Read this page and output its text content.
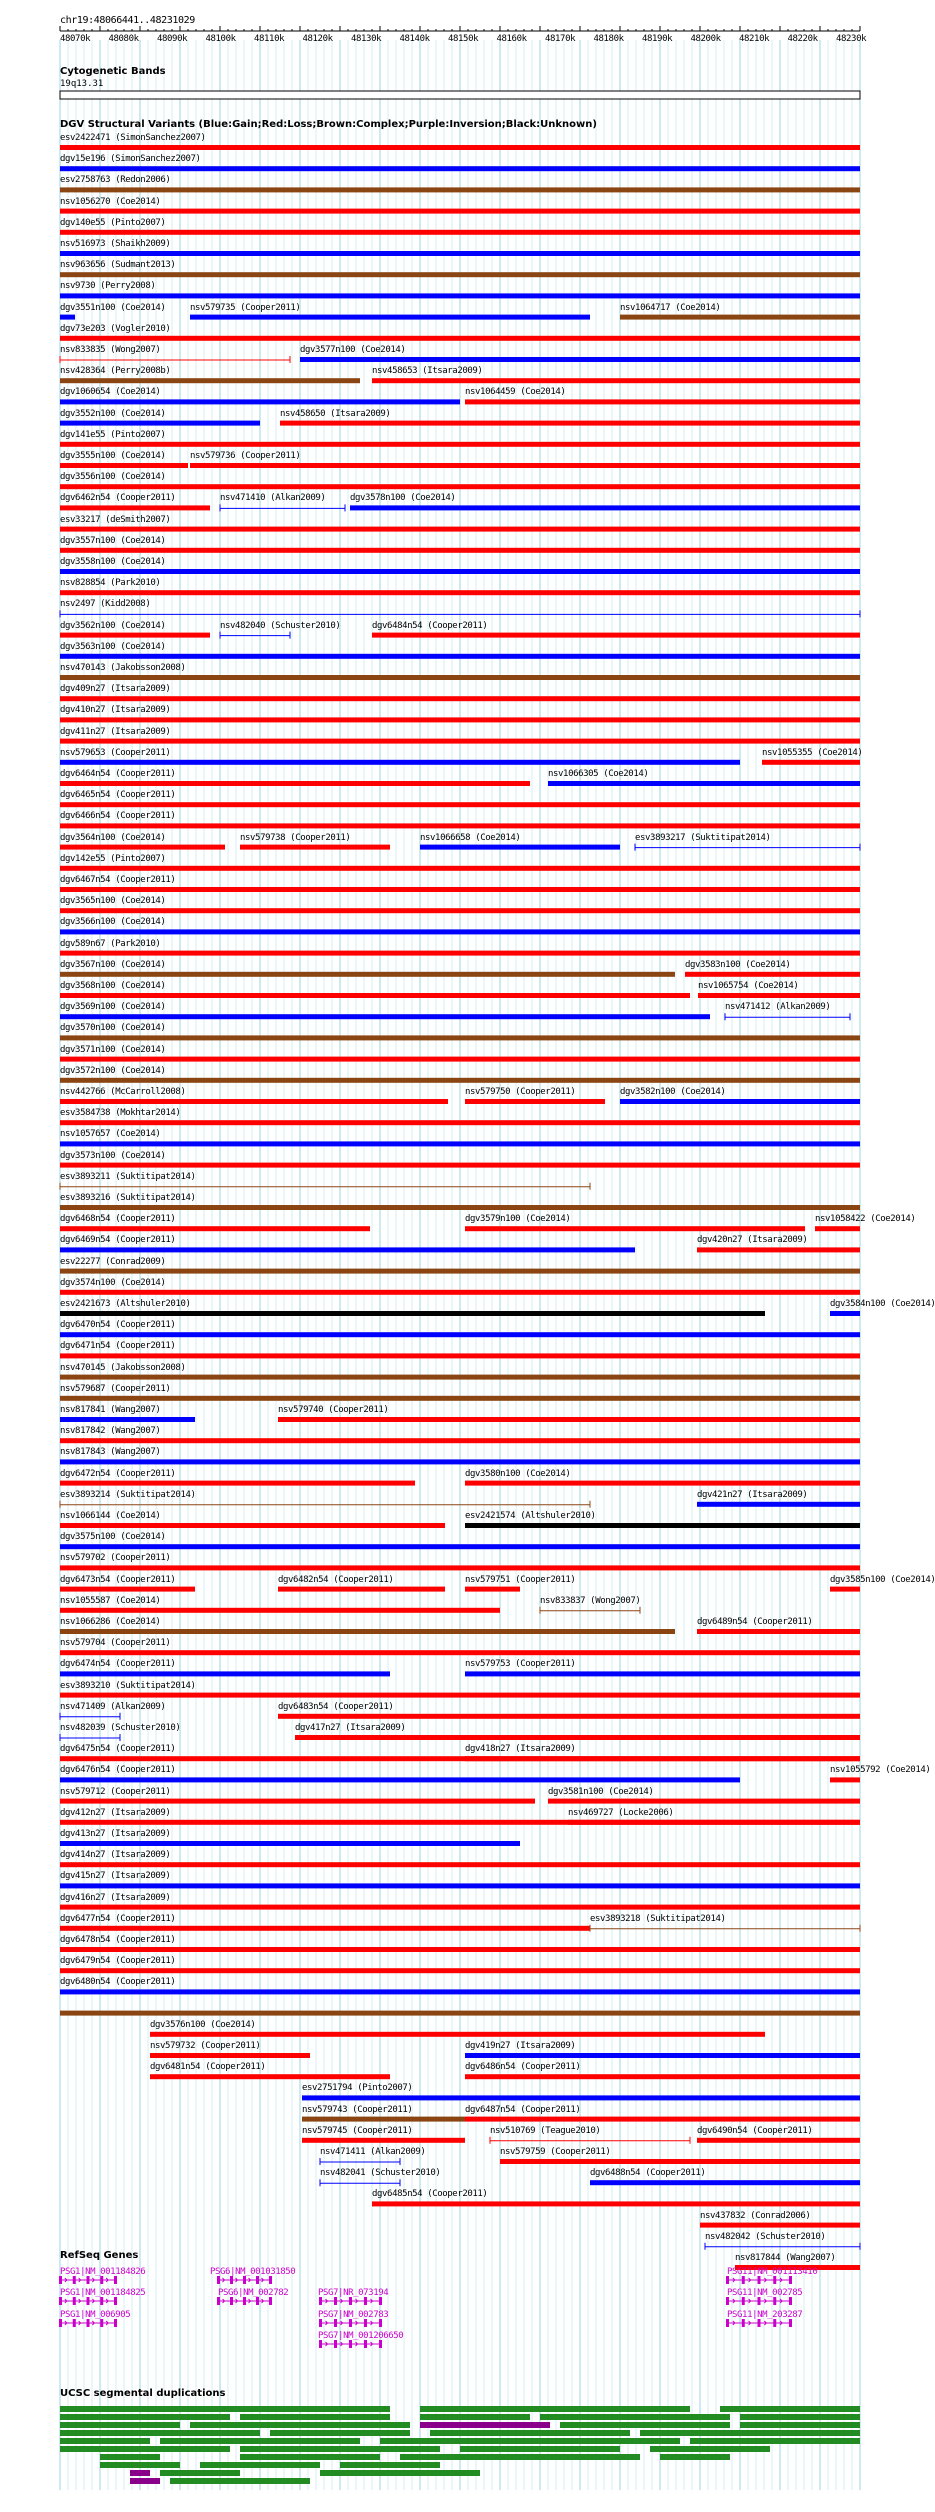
48070k 48080k 48090k 48100k 48110k 48120k 48130k 48140k 48150k 48160k 48170k 48180k 48190k 48200k 48210k 48220k 48230k
esv2422471 (SimonSanchez2007)
dgv15e196 (SimonSanchez2007)
esv2758763 (Redon2006)
nsv1056270 (Coe2014)
dgv140e55 (Pinto2007)
nsv516973 (Shaikh2009)
nsv963656 (Sudmant2013)
nsv9730 (Perry2008)
dgv3551n100 (Coe2014)	nsv579735 (Cooper2011)	nsv1064717 (Coe2014)
dgv73e203 (Vogler2010)
nsv833835 (Wong2007)	dgv3577n100 (Coe2014)
nsv428364 (Perry2008b)	nsv458653 (Itsara2009)
dgv1060654 (Coe2014)	nsv1064459 (Coe2014)
dgv3552n100 (Coe2014)	nsv458650 (Itsara2009)
dgv141e55 (Pinto2007)
dgv3555n100 (Coe2014)	nsv579736 (Cooper2011)
dgv3556n100 (Coe2014)
dgv6462n54 (Cooper2011)	nsv471410 (Alkan2009)	dgv3578n100 (Coe2014)
esv33217 (deSmith2007)
dgv3557n100 (Coe2014)
dgv3558n100 (Coe2014)
nsv828854 (Park2010)
nsv2497 (Kidd2008)
dgv3562n100 (Coe2014)	nsv482040 (Schuster2010)	dgv6484n54 (Cooper2011)
dgv3563n100 (Coe2014)
nsv470143 (Jakobsson2008)
dgv409n27 (Itsara2009)
dgv410n27 (Itsara2009)
dgv411n27 (Itsara2009)
nsv579653 (Cooper2011)	nsv1055355 (Coe2014)
dgv6464n54 (Cooper2011)	nsv1066305 (Coe2014)
dgv6465n54 (Cooper2011)
dgv6466n54 (Cooper2011)
dgv3564n100 (Coe2014)	nsv579738 (Cooper2011)	nsv1066658 (Coe2014)	esv3893217 (Suktitipat2014)
dgv142e55 (Pinto2007)
dgv6467n54 (Cooper2011)
dgv3565n100 (Coe2014)
dgv3566n100 (Coe2014)
dgv589n67 (Park2010)
dgv3567n100 (Coe2014)	dgv3583n100 (Coe2014)
dgv3568n100 (Coe2014)	nsv1065754 (Coe2014)
dgv3569n100 (Coe2014)	nsv471412 (Alkan2009)
dgv3570n100 (Coe2014)
dgv3571n100 (Coe2014)
dgv3572n100 (Coe2014)
nsv442766 (McCarroll2008)	nsv579750 (Cooper2011)	dgv3582n100 (Coe2014)
esv3584738 (Mokhtar2014)
nsv1057657 (Coe2014)
dgv3573n100 (Coe2014)
esv3893211 (Suktitipat2014)
esv3893216 (Suktitipat2014)
dgv6468n54 (Cooper2011)	dgv3579n100 (Coe2014)	nsv1058422 (Coe2014)
dgv6469n54 (Cooper2011)	dgv420n27 (Itsara2009)
esv22277 (Conrad2009)
dgv3574n100 (Coe2014)
esv2421673 (Altshuler2010)	dgv3584n100 (Coe2014)
dgv6470n54 (Cooper2011)
dgv6471n54 (Cooper2011)
nsv470145 (Jakobsson2008)
nsv579687 (Cooper2011)
nsv817841 (Wang2007)	nsv579740 (Cooper2011)
nsv817842 (Wang2007)
nsv817843 (Wang2007)
dgv6472n54 (Cooper2011)	dgv3580n100 (Coe2014)
esv3893214 (Suktitipat2014)	dgv421n27 (Itsara2009)
nsv1066144 (Coe2014)	esv2421574 (Altshuler2010)
dgv3575n100 (Coe2014)
nsv579702 (Cooper2011)
dgv6473n54 (Cooper2011)	dgv6482n54 (Cooper2011)	nsv579751 (Cooper2011)	dgv3585n100 (Coe2014)
nsv1055587 (Coe2014)	nsv833837 (Wong2007)
nsv1066286 (Coe2014)	dgv6489n54 (Cooper2011)
nsv579704 (Cooper2011)
dgv6474n54 (Cooper2011)	nsv579753 (Cooper2011)
esv3893210 (Suktitipat2014)
nsv471409 (Alkan2009)	dgv6483n54 (Cooper2011)
nsv482039 (Schuster2010)	dgv417n27 (Itsara2009)
dgv6475n54 (Cooper2011)	dgv418n27 (Itsara2009)
dgv6476n54 (Cooper2011)	nsv1055792 (Coe2014)
nsv579712 (Cooper2011)	dgv3581n100 (Coe2014)
dgv412n27 (Itsara2009)	nsv469727 (Locke2006)
dgv413n27 (Itsara2009)
dgv414n27 (Itsara2009)
dgv415n27 (Itsara2009)
dgv416n27 (Itsara2009)
dgv6477n54 (Cooper2011)	esv3893218 (Suktitipat2014)
dgv6478n54 (Cooper2011)
dgv6479n54 (Cooper2011)
dgv6480n54 (Cooper2011)
dgv3576n100 (Coe2014)
nsv579732 (Cooper2011)	dgv419n27 (Itsara2009)
dgv6481n54 (Cooper2011)	dgv6486n54 (Cooper2011)
esv2751794 (Pinto2007)
nsv579743 (Cooper2011)	dgv6487n54 (Cooper2011)
nsv579745 (Cooper2011)	nsv510769 (Teague2010)	dgv6490n54 (Cooper2011)
nsv471411 (Alkan2009)	nsv579759 (Cooper2011)
nsv482041 (Schuster2010)	dgv6488n54 (Cooper2011)
dgv6485n54 (Cooper2011)
nsv437832 (Conrad2006)
nsv482042 (Schuster2010)
nsv817844 (Wang2007)
PSG1|NM_001184826
PSG1|NM_001184825
PSG1|NM_006905
PSG6|NM_001031850
PSG6|NM_002782	PSG7|NR_073194
PSG7|NM_002783
PSG7|NM_001206650
PSG11|NM_001113410
PSG11|NM_002785
PSG11|NM_203287
chr19:48066441..48231029
Cytogenetic Bands
19q13.31
DGV Structural Variants (Blue:Gain;Red:Loss;Brown:Complex;Purple:Inversion;Black:Unknown)
RefSeq Genes
UCSC segmental duplications
